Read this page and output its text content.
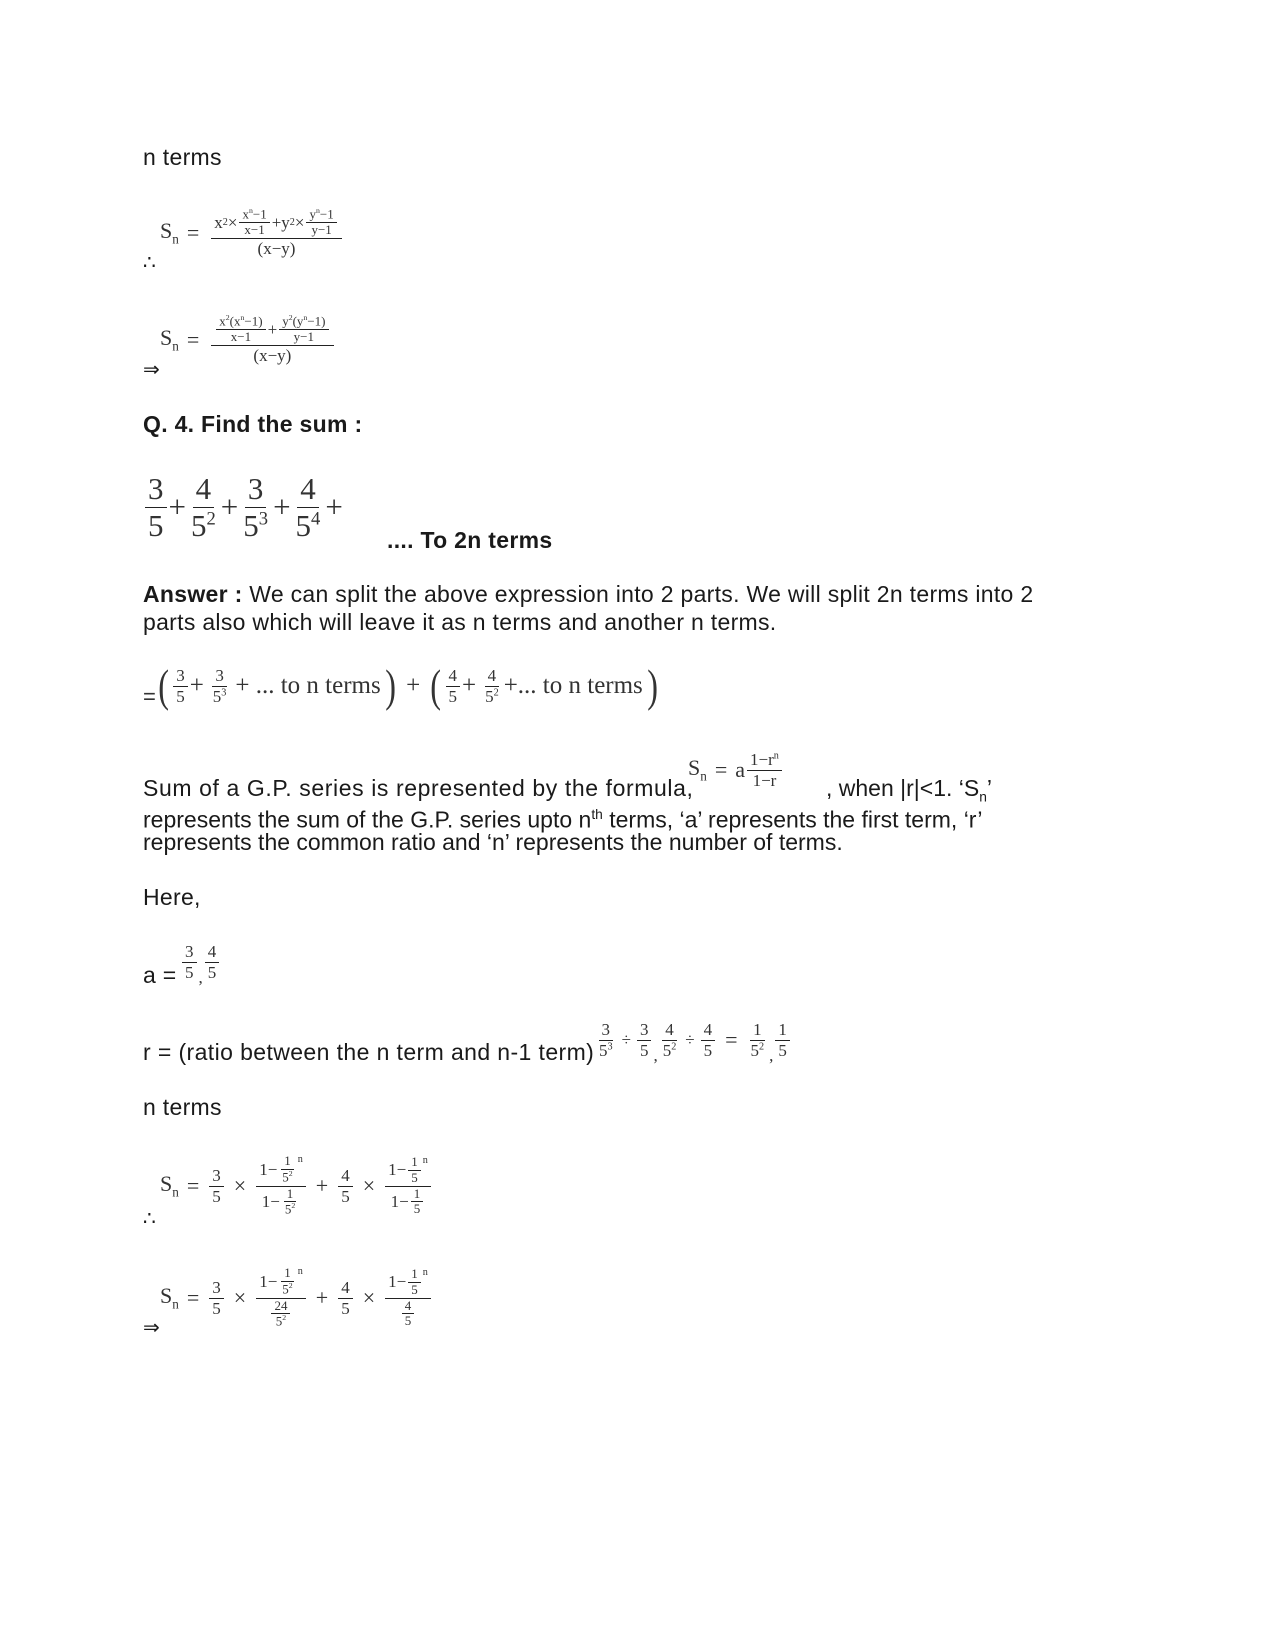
n terms
∴
$S_n = \frac{x 2 \times \frac{x^n-1}{x-1} +y 2 \times \frac{y^n-1}{y-1}}{(x-y)}$
⇒
$S_n = \frac{\frac{x^2(x^n-1)}{x-1} + \frac{y^2(y^n-1)}{y-1}}{(x-y)}$
Q. 4. Find the sum :
$\frac{3}{5} + \frac{4}{5^2} + \frac{3}{5^3} + \frac{4}{5^4}$ +
.... To 2n terms
Answer : We can split the above expression into 2 parts. We will split 2n terms into 2
parts also which will leave it as n terms and another n terms.
= ( $\frac{3}{5} + \frac{3}{5^3}$ + ... to n terms ) + ( $\frac{4}{5} + \frac{4}{5^2}$ +... to n terms )
Sum of a G.P. series is represented by the formula,
$S_n = a \frac{1-r^n}{1-r}$ , when |r|<1. ‘$S_n$’
represents the sum of the G.P. series upto $n^{th}$ terms, ‘a’ represents the first term, ‘r’
represents the common ratio and ‘n’ represents the number of terms.
Here,
$a = \frac{3}{5}$ , $\frac{4}{5}$
r = (ratio between the n term and n-1 term) $\frac{3}{5^3} \div \frac{3}{5}$ , $\frac{4}{5^2} \div \frac{4}{5} = \frac{1}{5^2}$ , $\frac{1}{5}$
n terms
∴
$S_n = \frac{3}{5} \times \frac{1- \frac{1}{5^2}^n}{1- \frac{1}{5^2}} + \frac{4}{5} \times \frac{1- \frac{1}{5}^n}{1- \frac{1}{5}}$
⇒
$S_n = \frac{3}{5} \times \frac{1- \frac{1}{5^2}^n}{\frac{24}{5^2}} + \frac{4}{5} \times \frac{1- \frac{1}{5}^n}{\frac{4}{5}}$
